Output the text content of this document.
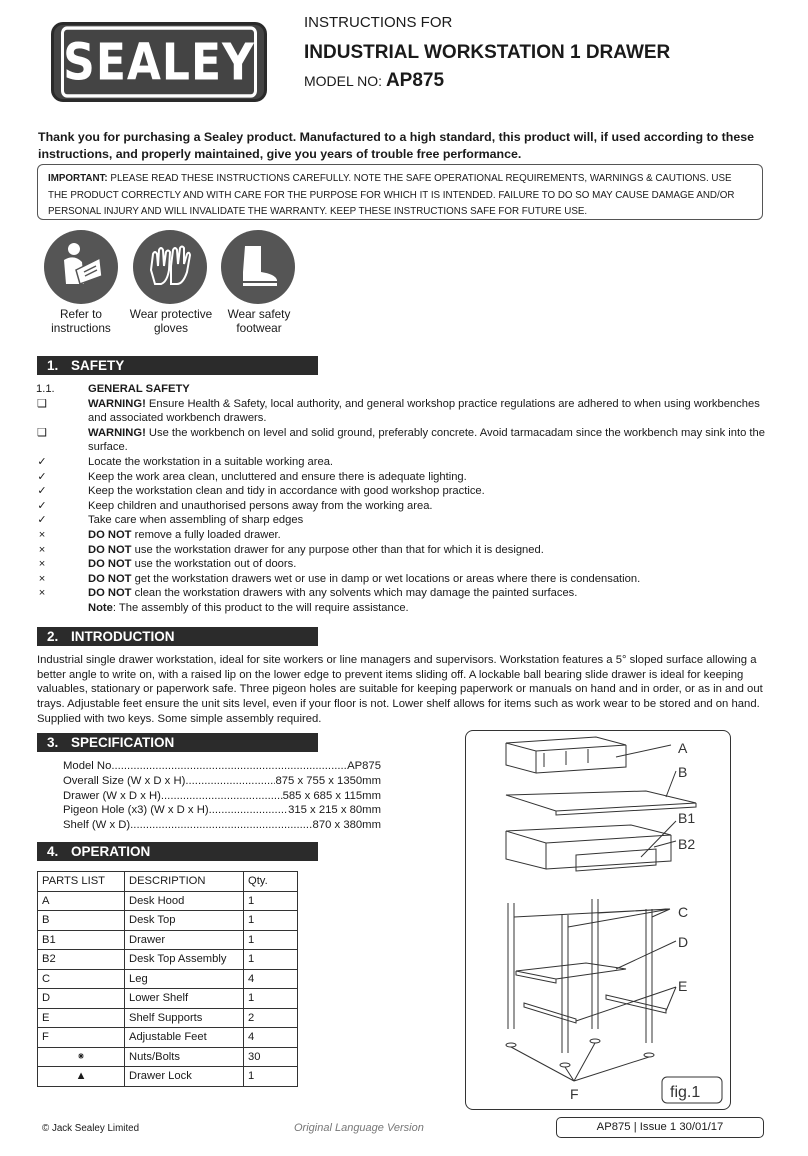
SEALEY
INSTRUCTIONS FOR
INDUSTRIAL WORKSTATION 1 DRAWER
MODEL NO: AP875
Thank you for purchasing a Sealey product. Manufactured to a high standard, this product will, if used according to these instructions, and properly maintained, give you years of trouble free performance.
IMPORTANT: PLEASE READ THESE INSTRUCTIONS CAREFULLY. NOTE THE SAFE OPERATIONAL REQUIREMENTS, WARNINGS & CAUTIONS. USE THE PRODUCT CORRECTLY AND WITH CARE FOR THE PURPOSE FOR WHICH IT IS INTENDED. FAILURE TO DO SO MAY CAUSE DAMAGE AND/OR PERSONAL INJURY AND WILL INVALIDATE THE WARRANTY. KEEP THESE INSTRUCTIONS SAFE FOR FUTURE USE.
Refer to
instructions
Wear protective
gloves
Wear safety
footwear
1. SAFETY
1.1.	GENERAL SAFETY
❑	WARNING! Ensure Health & Safety, local authority, and general workshop practice regulations are adhered to when using workbenches and associated workbench drawers.
❑	WARNING! Use the workbench on level and solid ground, preferably concrete. Avoid tarmacadam since the workbench may sink into the surface.
✓	Locate the workstation in a suitable working area.
✓	Keep the work area clean, uncluttered and ensure there is adequate lighting.
✓	Keep the workstation clean and tidy in accordance with good workshop practice.
✓	Keep children and unauthorised persons away from the working area.
✓	Take care when assembling of sharp edges
×	DO NOT remove a fully loaded drawer.
×	DO NOT use the workstation drawer for any purpose other than that for which it is designed.
×	DO NOT use the workstation out of doors.
×	DO NOT get the workstation drawers wet or use in damp or wet locations or areas where there is condensation.
×	DO NOT clean the workstation drawers with any solvents which may damage the painted surfaces.
Note: The assembly of this product to the will require assistance.
2. INTRODUCTION
Industrial single drawer workstation, ideal for site workers or line managers and supervisors. Workstation features a 5° sloped surface allowing a better angle to write on, with a raised lip on the lower edge to prevent items sliding off. A lockable ball bearing slide drawer is ideal for keeping valuables, stationary or paperwork safe. Three pigeon holes are suitable for keeping paperwork or manuals on hand and in order, or as in and out trays. Adjustable feet ensure the unit sits level, even if your floor is not. Lower shelf allows for items such as work wear to be stored and on hand. Supplied with two keys. Some simple assembly required.
3. SPECIFICATION
Model No .....	AP875
Overall Size (W x D x H) .....	875 x 755 x 1350mm
Drawer (W x D x H) .....	585 x 685 x 115mm
Pigeon Hole (x3) (W x D x H) .....	315 x 215 x 80mm
Shelf (W x D) .....	870 x 380mm
4. OPERATION
PARTS LIST	DESCRIPTION	Qty.
A	Desk Hood	1
B	Desk Top	1
B1	Drawer	1
B2	Desk Top Assembly	1
C	Leg	4
D	Lower Shelf	1
E	Shelf Supports	2
F	Adjustable Feet	4
⁕	Nuts/Bolts	30
▲	Drawer Lock	1
A
B
B1
B2
C
D
E
F	fig.1
© Jack Sealey Limited	Original Language Version	AP875 | Issue 1 30/01/17
